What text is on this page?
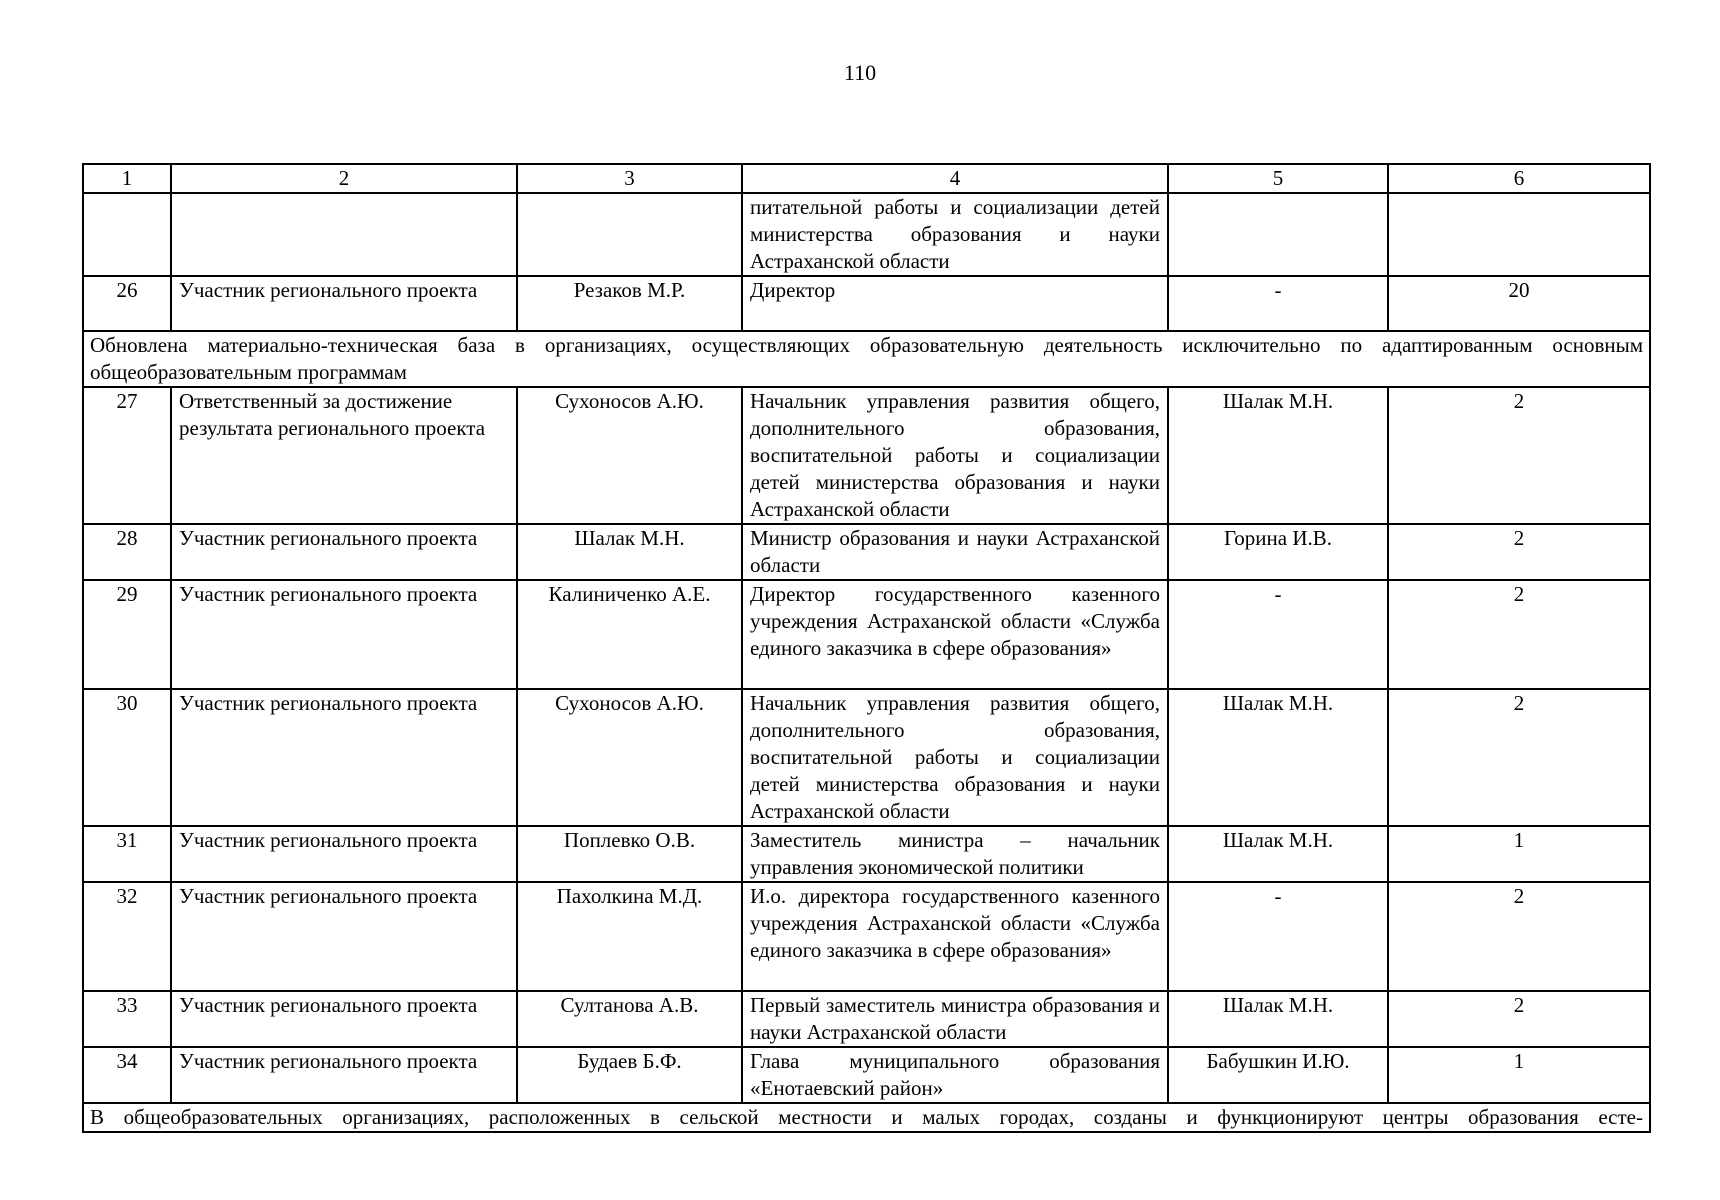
110
1	2	3	4	5	6
			питательной работы и социализации детей министерства образования и науки Астраханской области		
26	Участник регионального проекта	Резаков М.Р.	Директор	-	20
Обновлена материально-техническая база в организациях, осуществляющих образовательную деятельность исключительно по адаптированным основным общеобразовательным программам					
27	Ответственный за достижение результата регионального проекта	Сухоносов А.Ю.	Начальник управления развития общего, дополнительного образования, воспитательной работы и социализации детей министерства образования и науки Астраханской области	Шалак М.Н.	2
28	Участник регионального проекта	Шалак М.Н.	Министр образования и науки Астраханской области	Горина И.В.	2
29	Участник регионального проекта	Калиниченко А.Е.	Директор государственного казенного учреждения Астраханской области «Служба единого заказчика в сфере образования»	-	2
30	Участник регионального проекта	Сухоносов А.Ю.	Начальник управления развития общего, дополнительного образования, воспитательной работы и социализации детей министерства образования и науки Астраханской области	Шалак М.Н.	2
31	Участник регионального проекта	Поплевко О.В.	Заместитель министра – начальник управления экономической политики	Шалак М.Н.	1
32	Участник регионального проекта	Пахолкина М.Д.	И.о. директора государственного казенного учреждения Астраханской области «Служба единого заказчика в сфере образования»	-	2
33	Участник регионального проекта	Султанова А.В.	Первый заместитель министра образования и науки Астраханской области	Шалак М.Н.	2
34	Участник регионального проекта	Будаев Б.Ф.	Глава муниципального образования «Енотаевский район»	Бабушкин И.Ю.	1
В общеобразовательных организациях, расположенных в сельской местности и малых городах, созданы и функционируют центры образования есте-					
